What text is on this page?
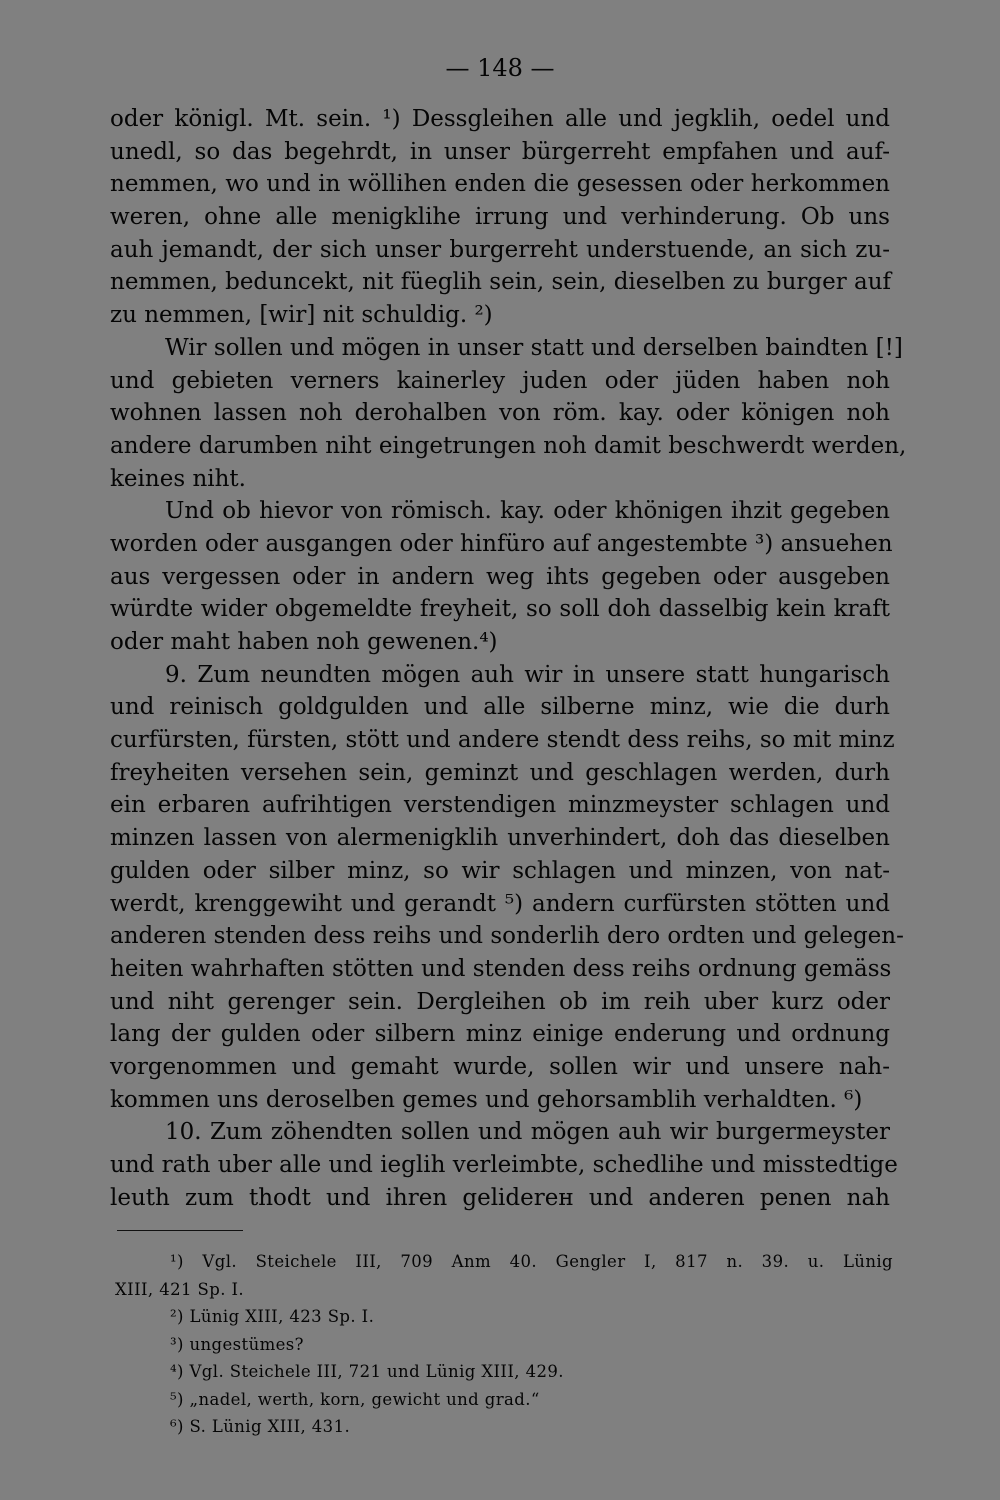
— 148 —
oder königl. Mt. sein. ¹) Dessgleihen alle und jegklih, oedel und
unedl, so das begehrdt, in unser bürgerreht empfahen und auf-
nemmen, wo und in wöllihen enden die gesessen oder herkommen
weren, ohne alle menigklihe irrung und verhinderung. Ob uns
auh jemandt, der sich unser burgerreht understuende, an sich zu-
nemmen, beduncekt, nit füeglih sein, sein, dieselben zu burger auf
zu nemmen, [wir] nit schuldig. ²)
Wir sollen und mögen in unser statt und derselben baindten [!]
und gebieten verners kainerley juden oder jüden haben noh
wohnen lassen noh derohalben von röm. kay. oder königen noh
andere darumben niht eingetrungen noh damit beschwerdt werden,
keines niht.
Und ob hievor von römisch. kay. oder khönigen ihzit gegeben
worden oder ausgangen oder hinfüro auf angestembte ³) ansuehen
aus vergessen oder in andern weg ihts gegeben oder ausgeben
würdte wider obgemeldte freyheit, so soll doh dasselbig kein kraft
oder maht haben noh gewenen.⁴)
9. Zum neundten mögen auh wir in unsere statt hungarisch
und reinisch goldgulden und alle silberne minz, wie die durh
curfürsten, fürsten, stött und andere stendt dess reihs, so mit minz
freyheiten versehen sein, geminzt und geschlagen werden, durh
ein erbaren aufrihtigen verstendigen minzmeyster schlagen und
minzen lassen von alermenigklih unverhindert, doh das dieselben
gulden oder silber minz, so wir schlagen und minzen, von nat-
werdt, krenggewiht und gerandt ⁵) andern curfürsten stötten und
anderen stenden dess reihs und sonderlih dero ordten und gelegen-
heiten wahrhaften stötten und stenden dess reihs ordnung gemäss
und niht gerenger sein. Dergleihen ob im reih uber kurz oder
lang der gulden oder silbern minz einige enderung und ordnung
vorgenommen und gemaht wurde, sollen wir und unsere nah-
kommen uns deroselben gemes und gehorsamblih verhaldten. ⁶)
10. Zum zöhendten sollen und mögen auh wir burgermeyster
und rath uber alle und ieglih verleimbte, schedlihe und misstedtige
leuth zum thodt und ihren geliderен und anderen penen nah
¹) Vgl. Steichele III, 709 Anm 40. Gengler I, 817 n. 39. u. Lünig
XIII, 421 Sp. I.
²) Lünig XIII, 423 Sp. I.
³) ungestümes?
⁴) Vgl. Steichele III, 721 und Lünig XIII, 429.
⁵) „nadel, werth, korn, gewicht und grad.“
⁶) S. Lünig XIII, 431.
